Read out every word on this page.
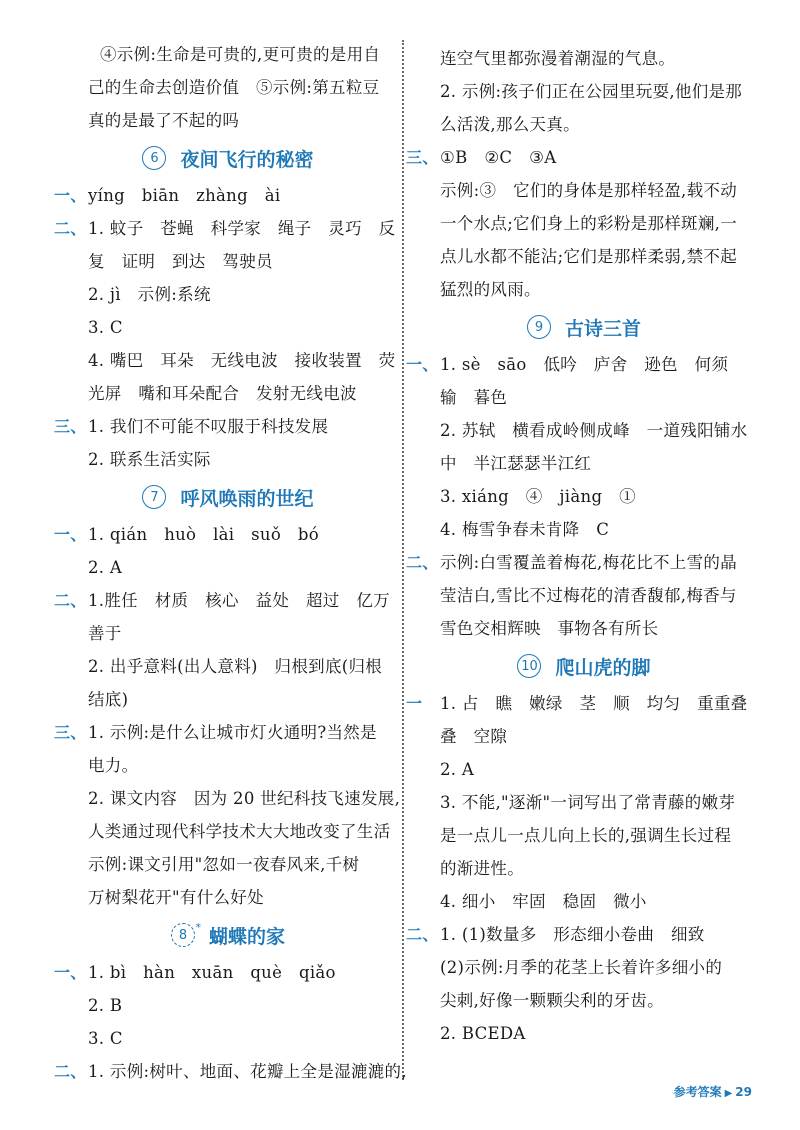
④示例:生命是可贵的,更可贵的是用自
己的生命去创造价值　⑤示例:第五粒豆
真的是最了不起的吗
6	夜间飞行的秘密
一、 yíng　biān　zhàng　ài
二、 1. 蚊子　苍蝇　科学家　绳子　灵巧　反
复　证明　到达　驾驶员
2. jì　示例:系统
3. C
4. 嘴巴　耳朵　无线电波　接收装置　荧
光屏　嘴和耳朵配合　发射无线电波
三、 1. 我们不可能不叹服于科技发展
2. 联系生活实际
7	呼风唤雨的世纪
一、 1. qián　huò　lài　suǒ　bó
2. A
二、 1.胜任　材质　核心　益处　超过　亿万
善于
2. 出乎意料(出人意料)　归根到底(归根
结底)
三、 1. 示例:是什么让城市灯火通明?当然是
电力。
2. 课文内容　因为 20 世纪科技飞速发展,
人类通过现代科学技术大大地改变了生活
示例:课文引用"忽如一夜春风来,千树
万树梨花开"有什么好处
8 * 蝴蝶的家
一、 1. bì　hàn　xuān　què　qiǎo
2. B
3. C
二、 1. 示例:树叶、地面、花瓣上全是湿漉漉的,
连空气里都弥漫着潮湿的气息。
2. 示例:孩子们正在公园里玩耍,他们是那
么活泼,那么天真。
三、 ①B　②C　③A
示例:③　它们的身体是那样轻盈,载不动
一个水点;它们身上的彩粉是那样斑斓,一
点儿水都不能沾;它们是那样柔弱,禁不起
猛烈的风雨。
9	古诗三首
一、 1. sè　sāo　低吟　庐舍　逊色　何须
输　暮色
2. 苏轼　横看成岭侧成峰　一道残阳铺水
中　半江瑟瑟半江红
3. xiáng　④　jiàng　①
4. 梅雪争春未肯降　C
二、 示例:白雪覆盖着梅花,梅花比不上雪的晶
莹洁白,雪比不过梅花的清香馥郁,梅香与
雪色交相辉映　事物各有所长
10 爬山虎的脚
一	1. 占　瞧　嫩绿　茎　顺　均匀　重重叠
叠　空隙
2. A
3. 不能,"逐渐"一词写出了常青藤的嫩芽
是一点儿一点儿向上长的,强调生长过程
的渐进性。
4. 细小　牢固　稳固　微小
二、 1. (1)数量多　形态细小卷曲　细致
(2)示例:月季的花茎上长着许多细小的
尖刺,好像一颗颗尖利的牙齿。
2. BCEDA
参考答案 ▶ 29
